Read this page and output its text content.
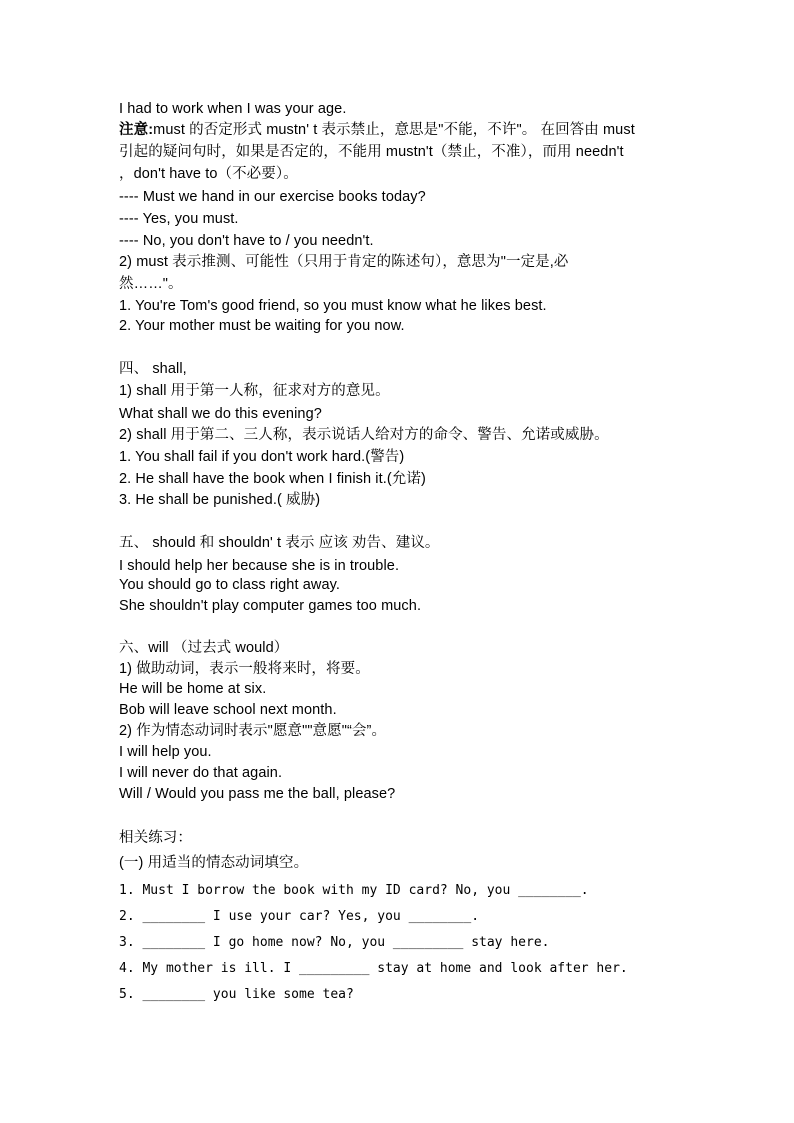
I had to work when I was your age.
注意:must 的否定形式 mustn' t 表示禁止，意思是"不能，不许"。 在回答由 must
引起的疑问句时，如果是否定的，不能用 mustn't（禁止，不准），而用 needn't
，don't have to（不必要）。
---- Must we hand in our exercise books today?
---- Yes, you must.
---- No, you don't have to / you needn't.
2) must 表示推测、可能性（只用于肯定的陈述句），意思为"一定是,必
然……"。
1. You're Tom's good friend, so you must know what he likes best.
2. Your mother must be waiting for you now.
四、 shall,
1) shall 用于第一人称，征求对方的意见。
What shall we do this evening?
2) shall 用于第二、三人称，表示说话人给对方的命令、警告、允诺或威胁。
1. You shall fail if you don't work hard.(警告)
2. He shall have the book when I finish it.(允诺)
3. He shall be punished.( 威胁)
五、 should 和 shouldn' t 表示 应该 劝告、建议。
I should help her because she is in trouble.
You should go to class right away.
She shouldn't play computer games too much.
六、will （过去式 would）
1) 做助动词，表示一般将来时，将要。
He will be home at six.
Bob will leave school next month.
2) 作为情态动词时表示"愿意""意愿"“会”。
I will help you.
I will never do that again.
Will / Would you pass me the ball, please?
相关练习：
(一) 用适当的情态动词填空。
1. Must I borrow the book with my ID card? No, you ________.
2. ________ I use your car? Yes, you ________.
3. ________ I go home now? No, you _________ stay here.
4. My mother is ill. I _________ stay at home and look after her.
5. ________ you like some tea?
